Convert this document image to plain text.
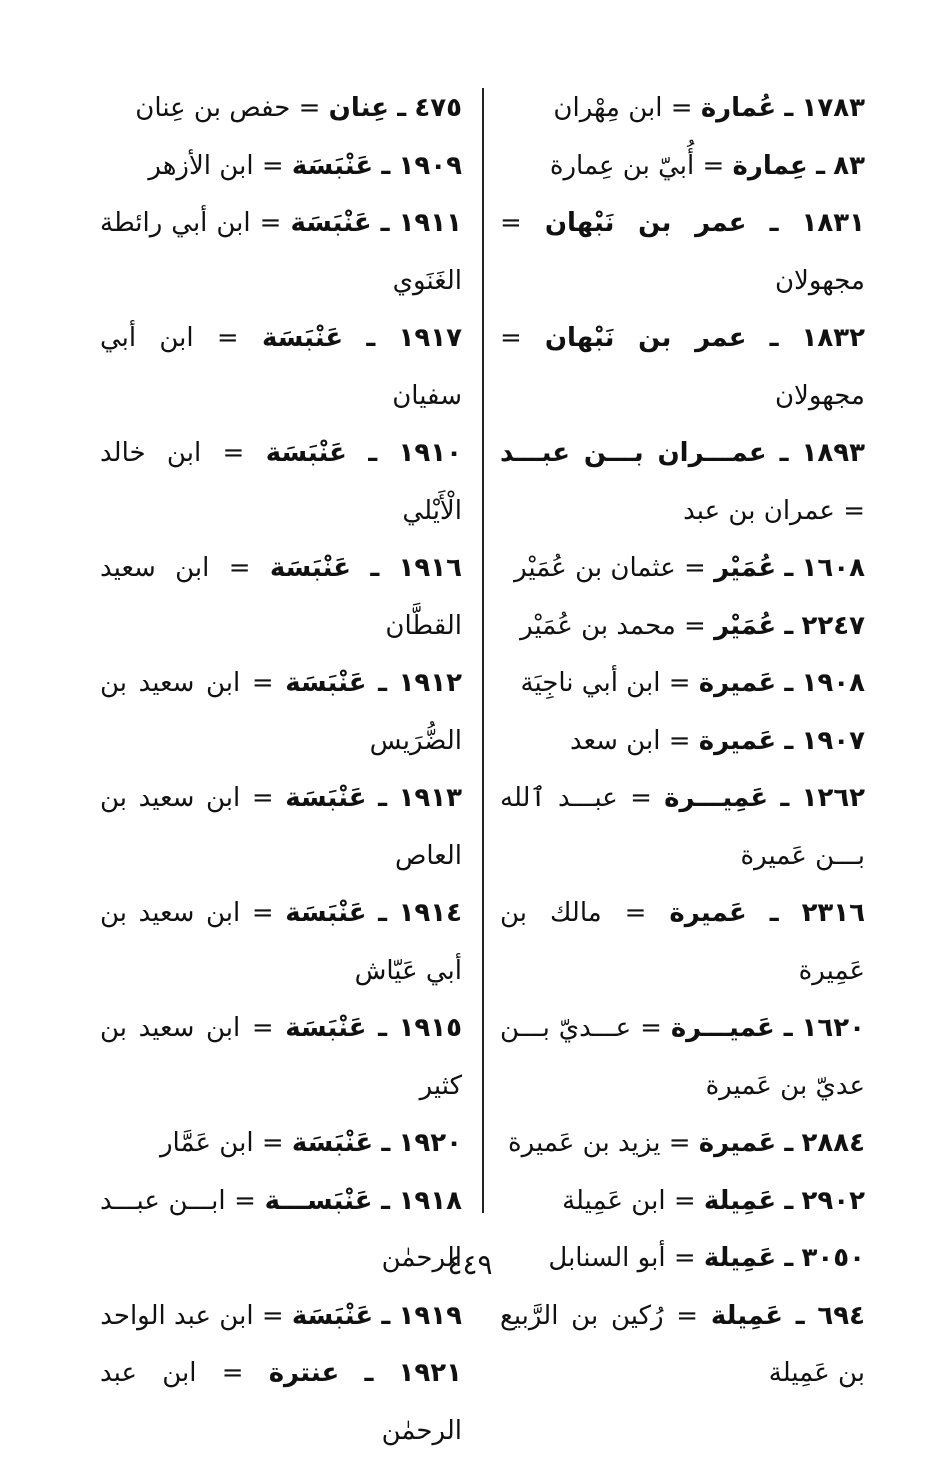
١٧٨٣ ـ عُمارة = ابن مِهْران
٨٣ ـ عِمارة = أُبيّ بن عِمارة
١٨٣١ ـ عمر بن نَبْهان = مجهولان
١٨٣٢ ـ عمر بن نَبْهان = مجهولان
١٨٩٣ ـ عمـــران بـــن عبـــد = عمران بن عبد
١٦٠٨ ـ عُمَيْر = عثمان بن عُمَيْر
٢٢٤٧ ـ عُمَيْر = محمد بن عُمَيْر
١٩٠٨ ـ عَميرة = ابن أبي ناجِيَة
١٩٠٧ ـ عَميرة = ابن سعد
١٢٦٢ ـ عَمِيـــرة = عبـــد ٱلله بـــن عَميرة
٢٣١٦ ـ عَميرة = مالك بن عَمِيرة
١٦٢٠ ـ عَميـــرة = عـــديّ بـــن عديّ بن عَميرة
٢٨٨٤ ـ عَميرة = يزيد بن عَميرة
٢٩٠٢ ـ عَمِيلة = ابن عَمِيلة
٣٠٥٠ ـ عَمِيلة = أبو السنابل
٦٩٤ ـ عَمِيلة = رُكين بن الرَّبيع بن عَمِيلة
٤٧٥ ـ عِنان = حفص بن عِنان
١٩٠٩ ـ عَنْبَسَة = ابن الأزهر
١٩١١ ـ عَنْبَسَة = ابن أبي رائطة الغَنَوي
١٩١٧ ـ عَنْبَسَة = ابن أبي سفيان
١٩١٠ ـ عَنْبَسَة = ابن خالد الْأَيْلي
١٩١٦ ـ عَنْبَسَة = ابن سعيد القطَّان
١٩١٢ ـ عَنْبَسَة = ابن سعيد بن الضُّرَيس
١٩١٣ ـ عَنْبَسَة = ابن سعيد بن العاص
١٩١٤ ـ عَنْبَسَة = ابن سعيد بن أبي عَيّاش
١٩١٥ ـ عَنْبَسَة = ابن سعيد بن كثير
١٩٢٠ ـ عَنْبَسَة = ابن عَمَّار
١٩١٨ ـ عَنْبَســـة = ابـــن عبـــد الرحمٰن
١٩١٩ ـ عَنْبَسَة = ابن عبد الواحد
١٩٢١ ـ عنترة = ابن عبد الرحمٰن
٤٤٩
